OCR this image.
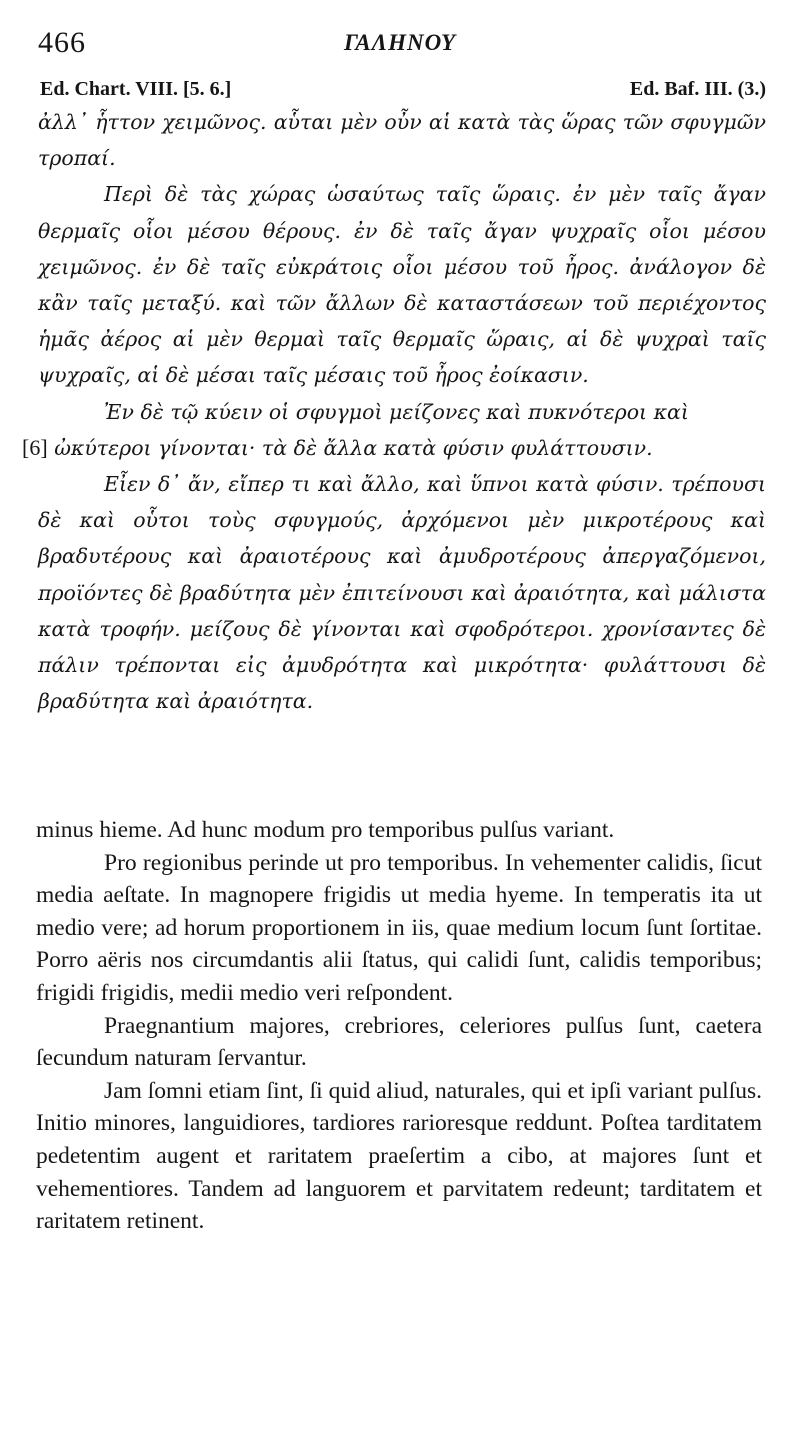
466	ΓΑΛΗΝΟΥ
Ed. Chart. VIII. [5. 6.]	Ed. Baf. III. (3.)

ἀλλ᾽ ἧττον χειμῶνος. αὗται μὲν οὖν αἱ κατὰ τὰς ὥρας τῶν σφυγμῶν τροπαί.

Περὶ δὲ τὰς χώρας ὡσαύτως ταῖς ὥραις. ἐν μὲν ταῖς ἄγαν θερμαῖς οἷοι μέσου θέρους. ἐν δὲ ταῖς ἄγαν ψυχραῖς οἷοι μέσου χειμῶνος. ἐν δὲ ταῖς εὐκράτοις οἷοι μέσου τοῦ ἦρος. ἀνάλογον δὲ κἂν ταῖς μεταξύ. καὶ τῶν ἄλλων δὲ καταστάσεων τοῦ περιέχοντος ἡμᾶς ἀέρος αἱ μὲν θερμαὶ ταῖς θερμαῖς ὥραις, αἱ δὲ ψυχραὶ ταῖς ψυχραῖς, αἱ δὲ μέσαι ταῖς μέσαις τοῦ ἦρος ἐοίκασιν.

Ἐν δὲ τῷ κύειν οἱ σφυγμοὶ μείζονες καὶ πυκνότεροι καὶ
[6] ὠκύτεροι γίνονται· τὰ δὲ ἄλλα κατὰ φύσιν φυλάττουσιν.

Εἶεν δ᾽ ἄν, εἴπερ τι καὶ ἄλλο, καὶ ὕπνοι κατὰ φύσιν. τρέπουσι δὲ καὶ οὗτοι τοὺς σφυγμούς, ἀρχόμενοι μὲν μικροτέρους καὶ βραδυτέρους καὶ ἀραιοτέρους καὶ ἀμυδροτέρους ἀπεργαζόμενοι, προϊόντες δὲ βραδύτητα μὲν ἐπιτείνουσι καὶ ἀραιότητα, καὶ μάλιστα κατὰ τροφήν. μείζους δὲ γίνονται καὶ σφοδρότεροι. χρονίσαντες δὲ πάλιν τρέπονται εἰς ἀμυδρότητα καὶ μικρότητα· φυλάττουσι δὲ βραδύτητα καὶ ἀραιότητα.

minus hieme. Ad hunc modum pro temporibus pulſus variant.

Pro regionibus perinde ut pro temporibus. In vehementer calidis, ſicut media aeſtate. In magnopere frigidis ut media hyeme. In temperatis ita ut medio vere; ad horum proportionem in iis, quae medium locum ſunt ſortitae. Porro aëris nos circumdantis alii ſtatus, qui calidi ſunt, calidis temporibus; frigidi frigidis, medii medio veri reſpondent.

Praegnantium majores, crebriores, celeriores pulſus ſunt, caetera ſecundum naturam ſervantur.

Jam ſomni etiam ſint, ſi quid aliud, naturales, qui et ipſi variant pulſus. Initio minores, languidiores, tardiores rarioresque reddunt. Poſtea tarditatem pedetentim augent et raritatem praeſertim a cibo, at majores ſunt et vehementiores. Tandem ad languorem et parvitatem redeunt; tarditatem et raritatem retinent.
